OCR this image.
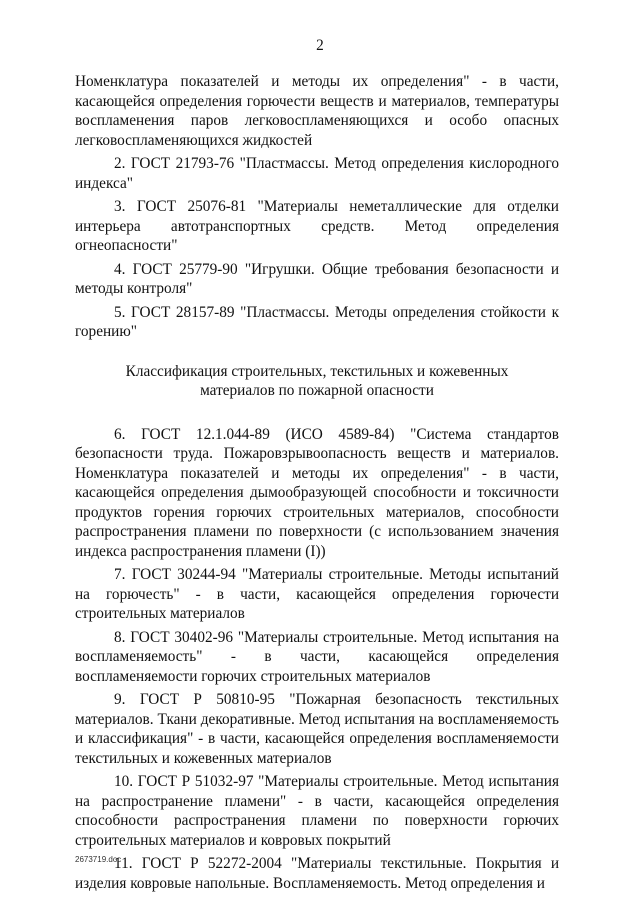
2

Номенклатура показателей и методы их определения" - в части, касающейся определения горючести веществ и материалов, температуры воспламенения паров легковоспламеняющихся и особо опасных легковоспламеняющихся жидкостей

2. ГОСТ 21793-76 "Пластмассы. Метод определения кислородного индекса"

3. ГОСТ 25076-81 "Материалы неметаллические для отделки интерьера автотранспортных средств. Метод определения огнеопасности"

4. ГОСТ 25779-90 "Игрушки. Общие требования безопасности и методы контроля"

5. ГОСТ 28157-89 "Пластмассы. Методы определения стойкости к горению"

Классификация строительных, текстильных и кожевенных
материалов по пожарной опасности

6. ГОСТ 12.1.044-89 (ИСО 4589-84) "Система стандартов безопасности труда. Пожаровзрывоопасность веществ и материалов. Номенклатура показателей и методы их определения" - в части, касающейся определения дымообразующей способности и токсичности продуктов горения горючих строительных материалов, способности распространения пламени по поверхности (с использованием значения индекса распространения пламени (I))

7. ГОСТ 30244-94 "Материалы строительные. Методы испытаний на горючесть" - в части, касающейся определения горючести строительных материалов

8. ГОСТ 30402-96 "Материалы строительные. Метод испытания на воспламеняемость" - в части, касающейся определения воспламеняемости горючих строительных материалов

9. ГОСТ Р 50810-95 "Пожарная безопасность текстильных материалов. Ткани декоративные. Метод испытания на воспламеняемость и классификация" - в части, касающейся определения воспламеняемости текстильных и кожевенных материалов

10. ГОСТ Р 51032-97 "Материалы строительные. Метод испытания на распространение пламени" - в части, касающейся определения способности распространения пламени по поверхности горючих строительных материалов и ковровых покрытий

11. ГОСТ Р 52272-2004 "Материалы текстильные. Покрытия и изделия ковровые напольные. Воспламеняемость. Метод определения и

2673719.doc
